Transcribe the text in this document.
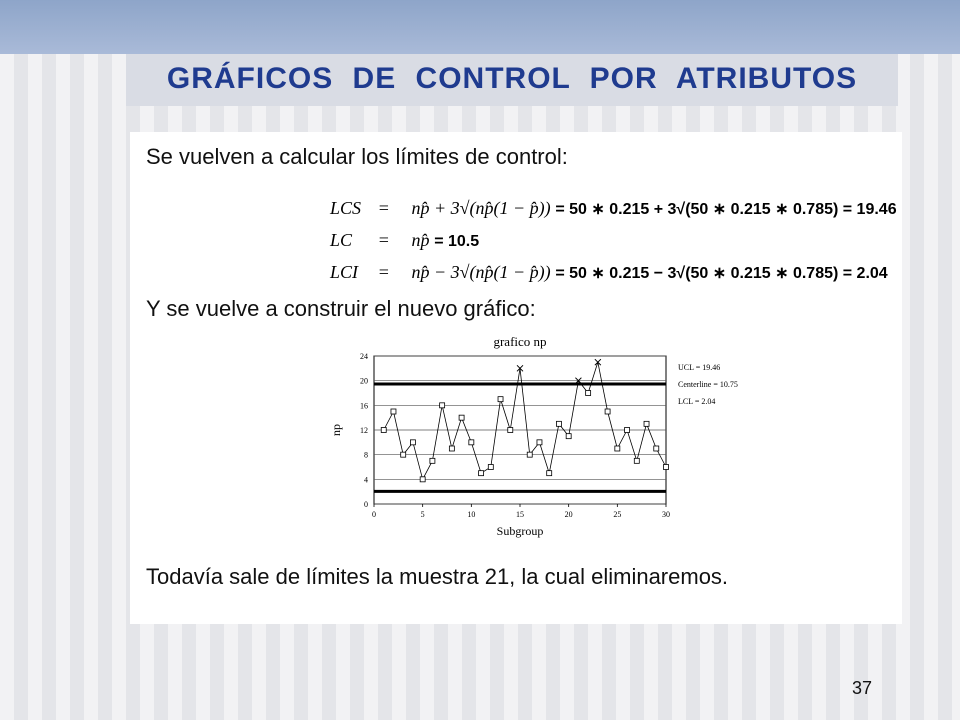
GRÁFICOS DE CONTROL POR ATRIBUTOS
Se vuelven a calcular los límites de control:
LCS = np̂ + 3√(np̂(1 − p̂)) = 50 ∗ 0.215 + 3√(50 ∗ 0.215 ∗ 0.785) = 19.46
LC = np̂ = 10.5
LCI = np̂ − 3√(np̂(1 − p̂)) = 50 ∗ 0.215 − 3√(50 ∗ 0.215 ∗ 0.785) = 2.04
Y se vuelve a construir el nuevo gráfico:
grafico np
0
4
8
12
16
20
24
0	5	10	15	20	25	30
Subgroup
np
UCL = 19.46
Centerline = 10.75
LCL = 2.04
Todavía sale de límites la muestra 21, la cual eliminaremos.
37
